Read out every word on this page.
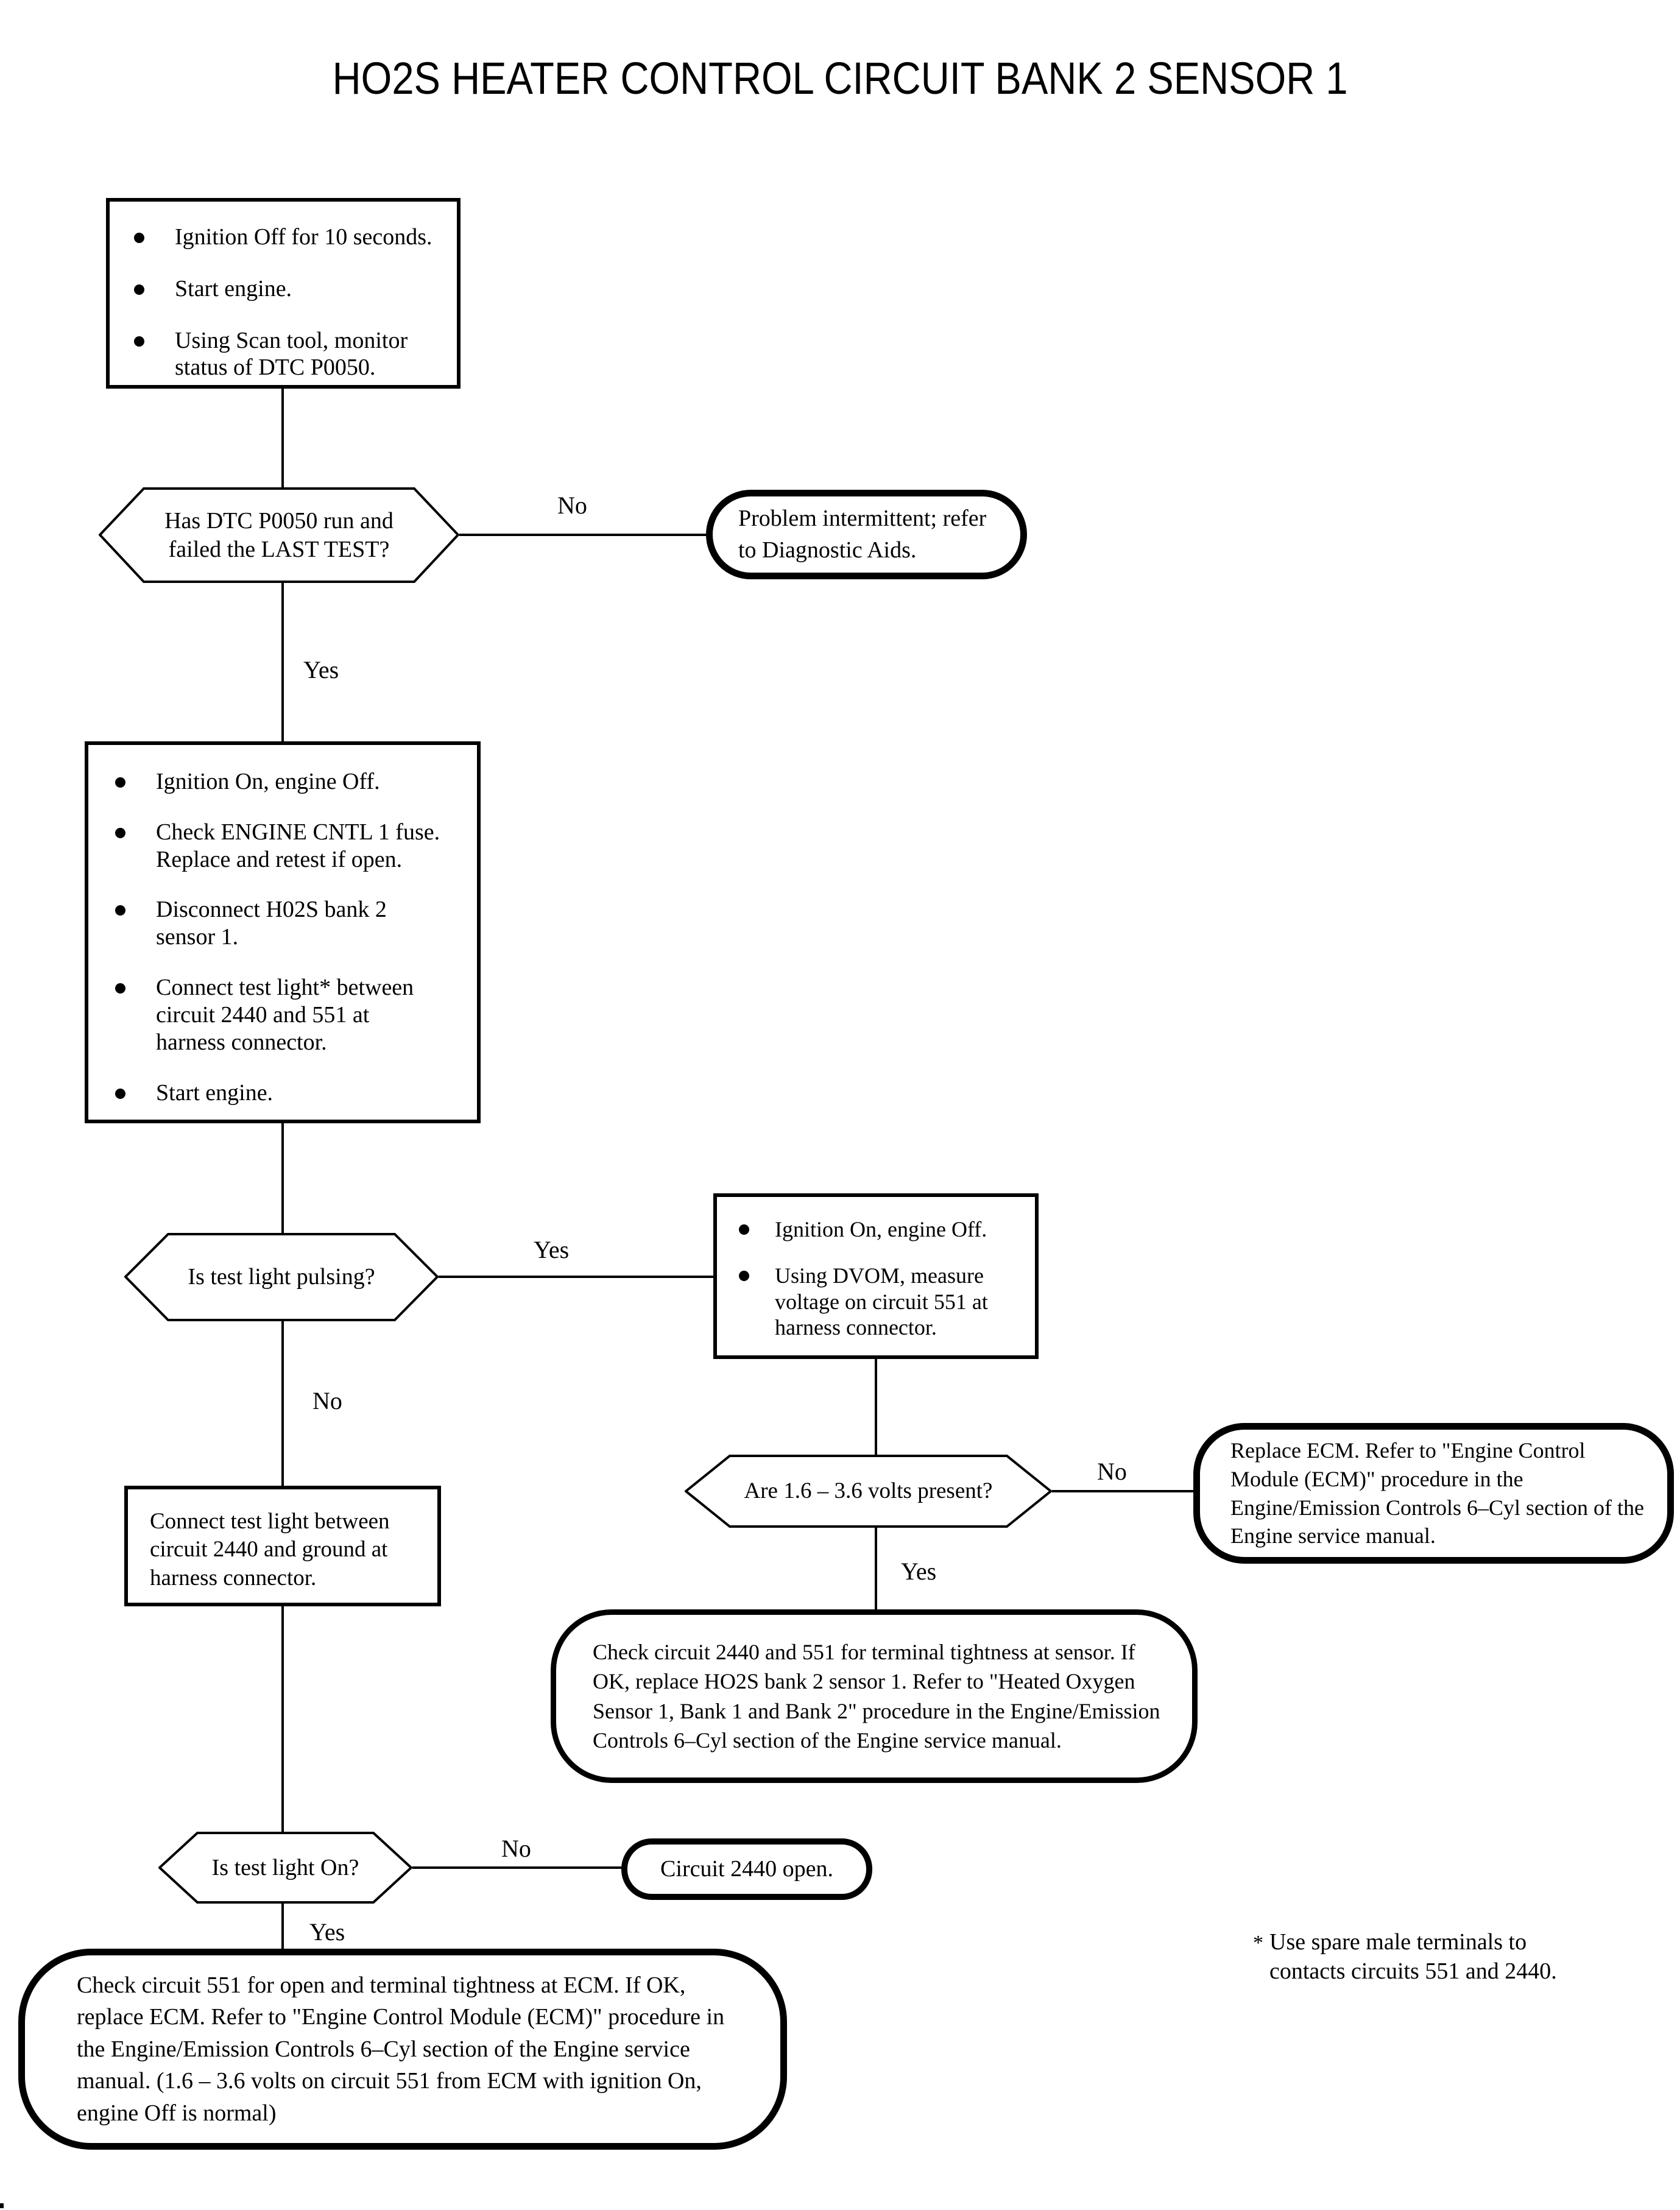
HO2S HEATER CONTROL CIRCUIT BANK 2 SENSOR 1
Ignition Off for 10 seconds.
Start engine.
Using Scan tool, monitor status of DTC P0050.
Has DTC P0050 run and failed the LAST TEST?
No	Problem intermittent; refer to Diagnostic Aids.
Yes
Ignition On, engine Off.
Check ENGINE CNTL 1 fuse. Replace and retest if open.
Disconnect H02S bank 2 sensor 1.
Connect test light* between circuit 2440 and 551 at harness connector.
Start engine.
Is test light pulsing?
Yes
Ignition On, engine Off.
Using DVOM, measure voltage on circuit 551 at harness connector.
Are 1.6 – 3.6 volts present?
No
Replace ECM. Refer to "Engine Control Module (ECM)" procedure in the Engine/Emission Controls 6–Cyl section of the Engine service manual.
Yes
Check circuit 2440 and 551 for terminal tightness at sensor. If OK, replace HO2S bank 2 sensor 1. Refer to "Heated Oxygen Sensor 1, Bank 1 and Bank 2" procedure in the Engine/Emission Controls 6–Cyl section of the Engine service manual.
No
Connect test light between circuit 2440 and ground at harness connector.
Is test light On?
No
Circuit 2440 open.
Yes
Check circuit 551 for open and terminal tightness at ECM. If OK, replace ECM. Refer to "Engine Control Module (ECM)" procedure in the Engine/Emission Controls 6–Cyl section of the Engine service manual. (1.6 – 3.6 volts on circuit 551 from ECM with ignition On, engine Off is normal)
* Use spare male terminals to contacts circuits 551 and 2440.
